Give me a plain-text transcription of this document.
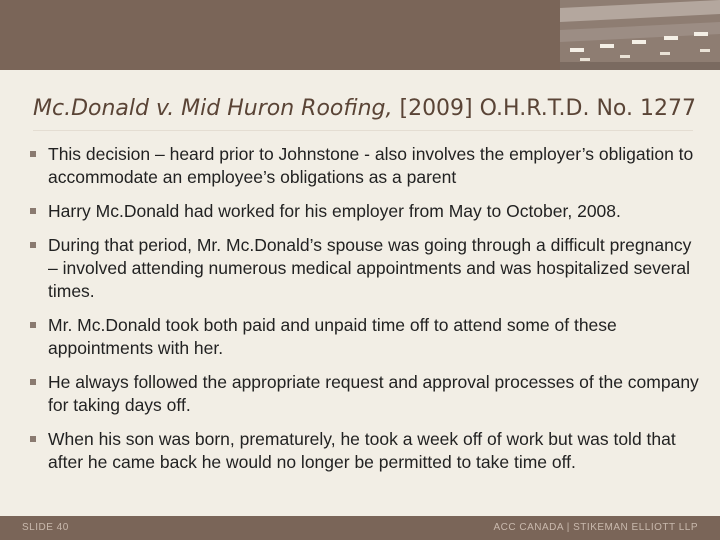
Mc.Donald v. Mid Huron Roofing, [2009] O.H.R.T.D. No. 1277
This decision – heard prior to Johnstone - also involves the employer’s obligation to accommodate an employee’s obligations as a parent
Harry Mc.Donald had worked for his employer from May to October, 2008.
During that period, Mr. Mc.Donald’s spouse was going through a difficult pregnancy – involved attending numerous medical appointments and was hospitalized several times.
Mr. Mc.Donald took both paid and unpaid time off to attend some of these appointments with her.
He always followed the appropriate request and approval processes of the company for taking days off.
When his son was born, prematurely, he took a week off of work but was told that after he came back he would no longer be permitted to take time off.
SLIDE 40	ACC CANADA | STIKEMAN ELLIOTT LLP
